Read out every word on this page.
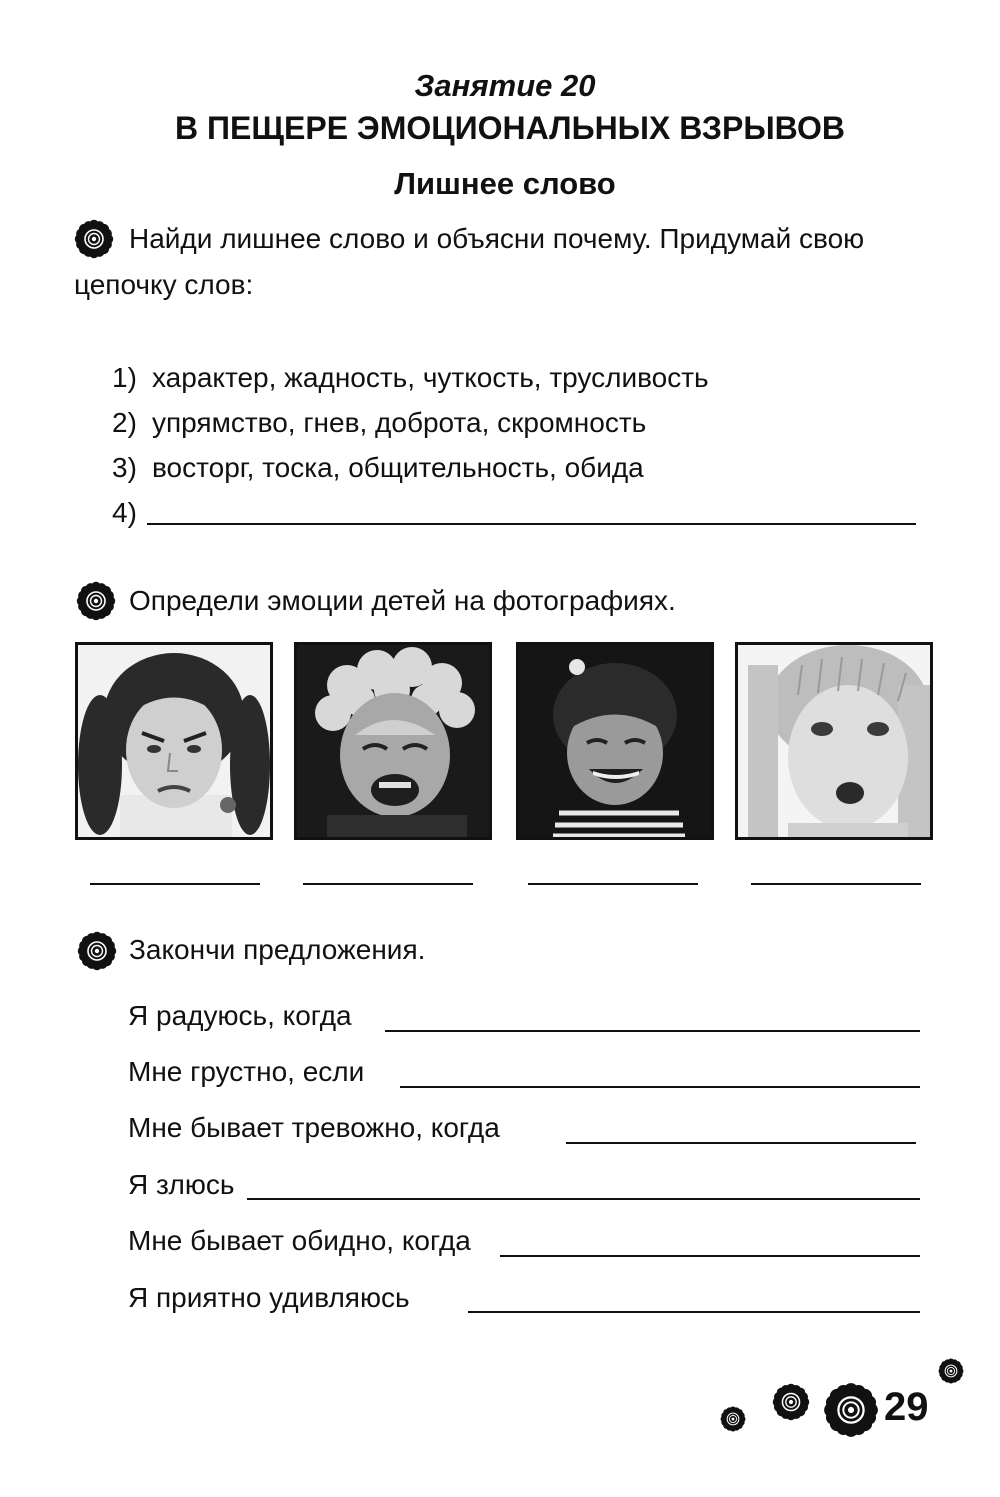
Занятие 20
В ПЕЩЕРЕ ЭМОЦИОНАЛЬНЫХ ВЗРЫВОВ
Лишнее слово
Найди лишнее слово и объясни почему. Придумай свою цепочку слов:
1) характер, жадность, чуткость, трусливость
2) упрямство, гнев, доброта, скромность
3) восторг, тоска, общительность, обида
4)
Определи эмоции детей на фотографиях.
Закончи предложения.
Я радуюсь, когда
Мне грустно, если
Мне бывает тревожно, когда
Я злюсь
Мне бывает обидно, когда
Я приятно удивляюсь
29
